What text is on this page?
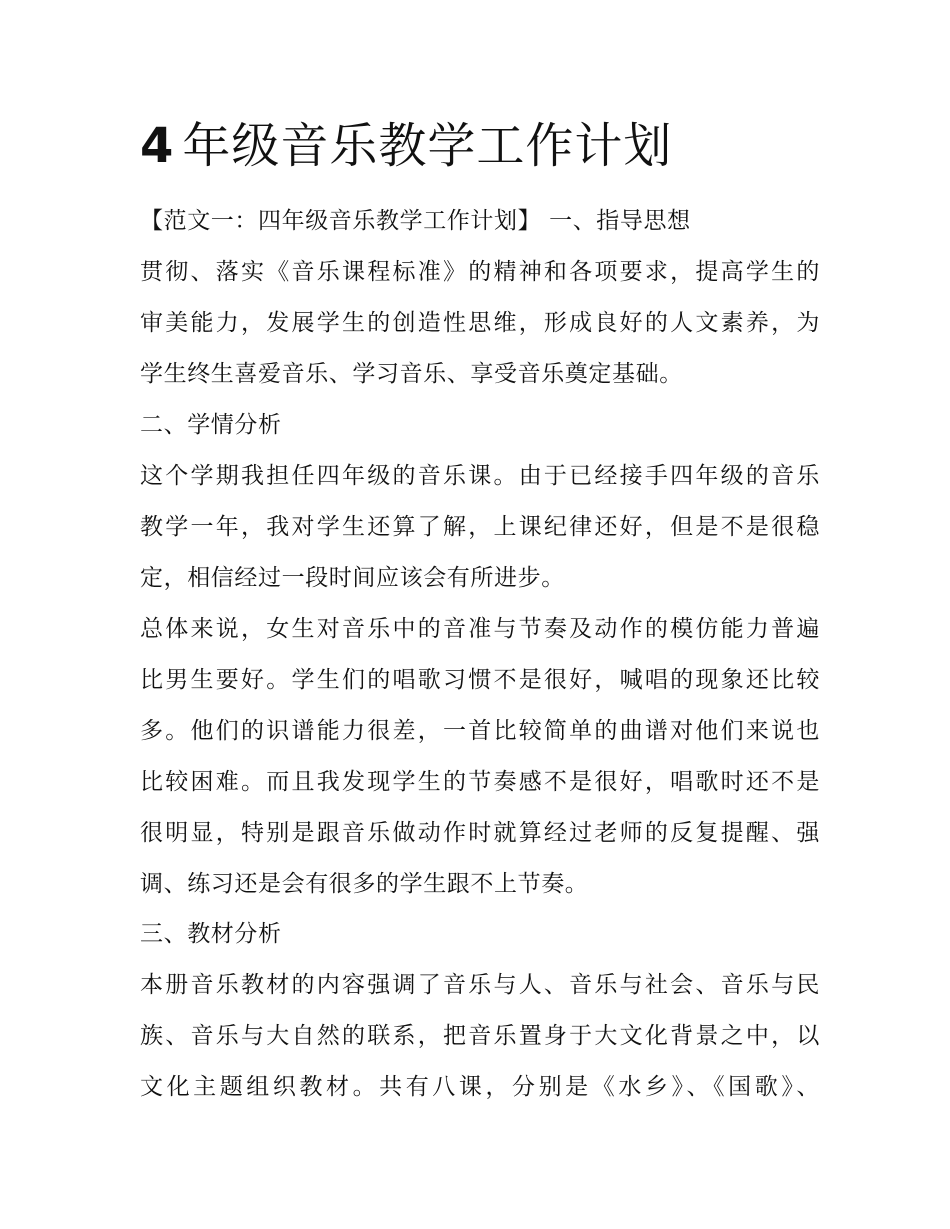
4 年级音乐教学工作计划

【范文一：四年级音乐教学工作计划】 一、指导思想

贯彻、落实《音乐课程标准》的精神和各项要求，提高学生的

审美能力，发展学生的创造性思维，形成良好的人文素养，为

学生终生喜爱音乐、学习音乐、享受音乐奠定基础。

二、学情分析

这个学期我担任四年级的音乐课。由于已经接手四年级的音乐

教学一年，我对学生还算了解，上课纪律还好，但是不是很稳

定，相信经过一段时间应该会有所进步。

总体来说，女生对音乐中的音准与节奏及动作的模仿能力普遍

比男生要好。学生们的唱歌习惯不是很好，喊唱的现象还比较

多。他们的识谱能力很差，一首比较简单的曲谱对他们来说也

比较困难。而且我发现学生的节奏感不是很好，唱歌时还不是

很明显，特别是跟音乐做动作时就算经过老师的反复提醒、强

调、练习还是会有很多的学生跟不上节奏。

三、教材分析

本册音乐教材的内容强调了音乐与人、音乐与社会、音乐与民

族、音乐与大自然的联系，把音乐置身于大文化背景之中，以

文化主题组织教材。共有八课，分别是《水乡》、《国歌》、
